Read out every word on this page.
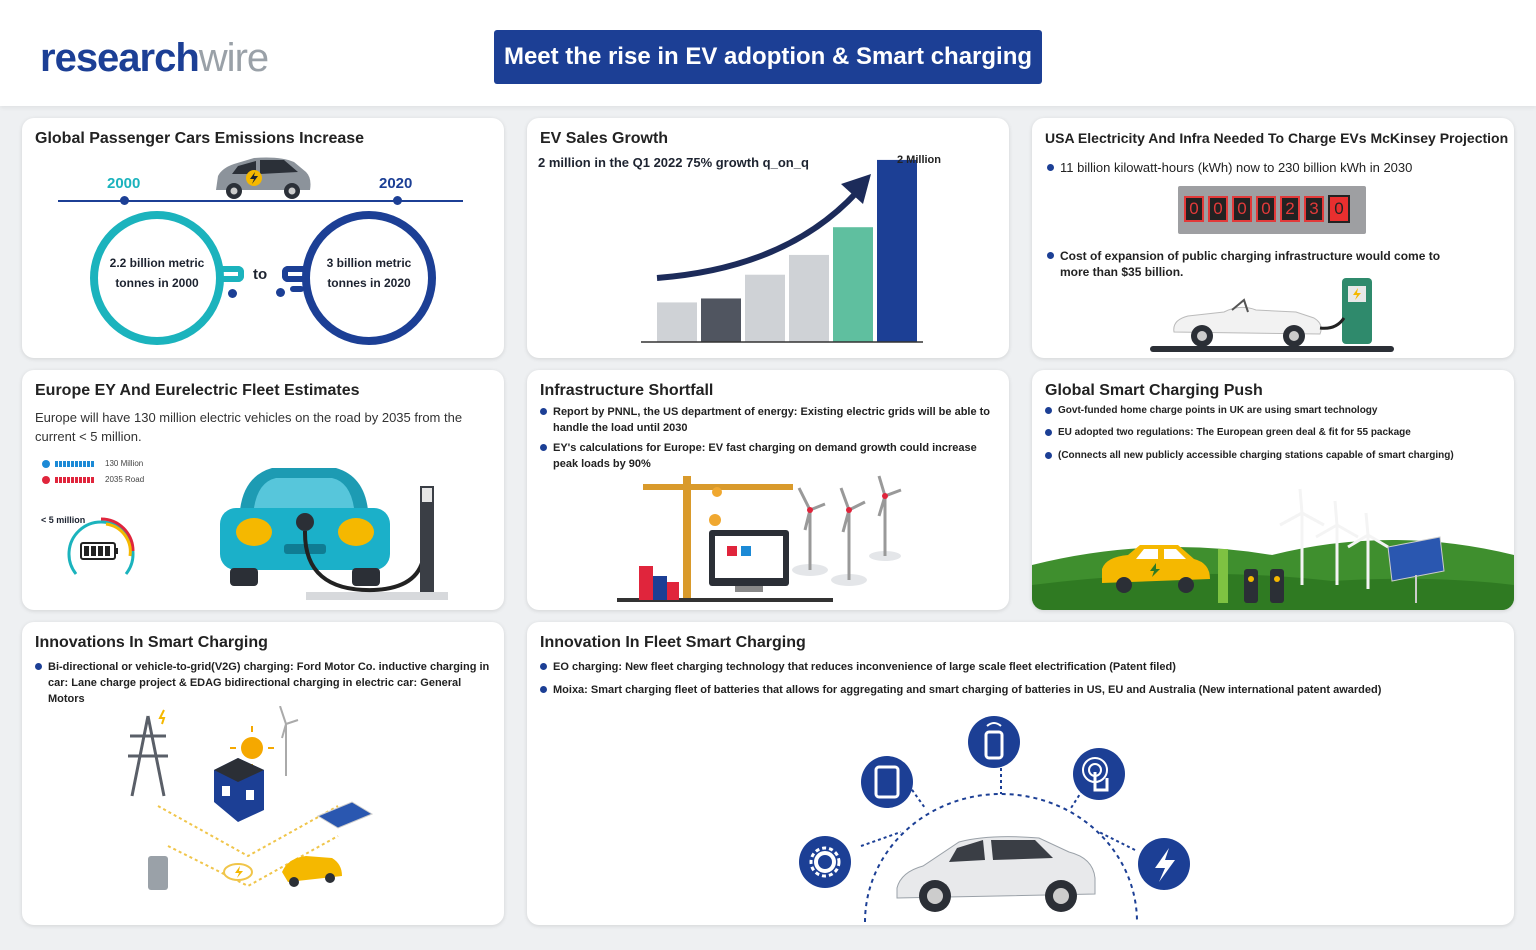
researchwire	Meet the rise in EV adoption & Smart charging
Global Passenger Cars Emissions Increase
2000	2020
2.2 billion metric
tonnes in 2000	to
3 billion metric
tonnes in 2020
EV Sales Growth
2 million in the Q1 2022 75% growth q_on_q	2 Million
USA Electricity And Infra Needed To Charge EVs McKinsey Projection
11 billion kilowatt-hours (kWh) now to 230 billion kWh in 2030
0 0 0 0 2 3 0
Cost of expansion of public charging infrastructure would come to more than $35 billion.
Europe EY And Eurelectric Fleet Estimates
Europe will have 130 million electric vehicles on the road by 2035 from the current < 5 million.
130 Million
2035 Road
< 5 million
Infrastructure Shortfall
Report by PNNL, the US department of energy: Existing electric grids will be able to handle the load until 2030
EY's calculations for Europe: EV fast charging on demand growth could increase peak loads by 90%
Global Smart Charging Push
Govt-funded home charge points in UK are using smart technology
EU adopted two regulations: The European green deal & fit for 55 package
(Connects all new publicly accessible charging stations capable of smart charging)
Innovations In Smart Charging
Bi-directional or vehicle-to-grid(V2G) charging: Ford Motor Co. inductive charging in car: Lane charge project & EDAG bidirectional charging in electric car: General Motors
Innovation In Fleet Smart Charging
EO charging: New fleet charging technology that reduces inconvenience of large scale fleet electrification (Patent filed)
Moixa: Smart charging fleet of batteries that allows for aggregating and smart charging of batteries in US, EU and Australia (New international patent awarded)
